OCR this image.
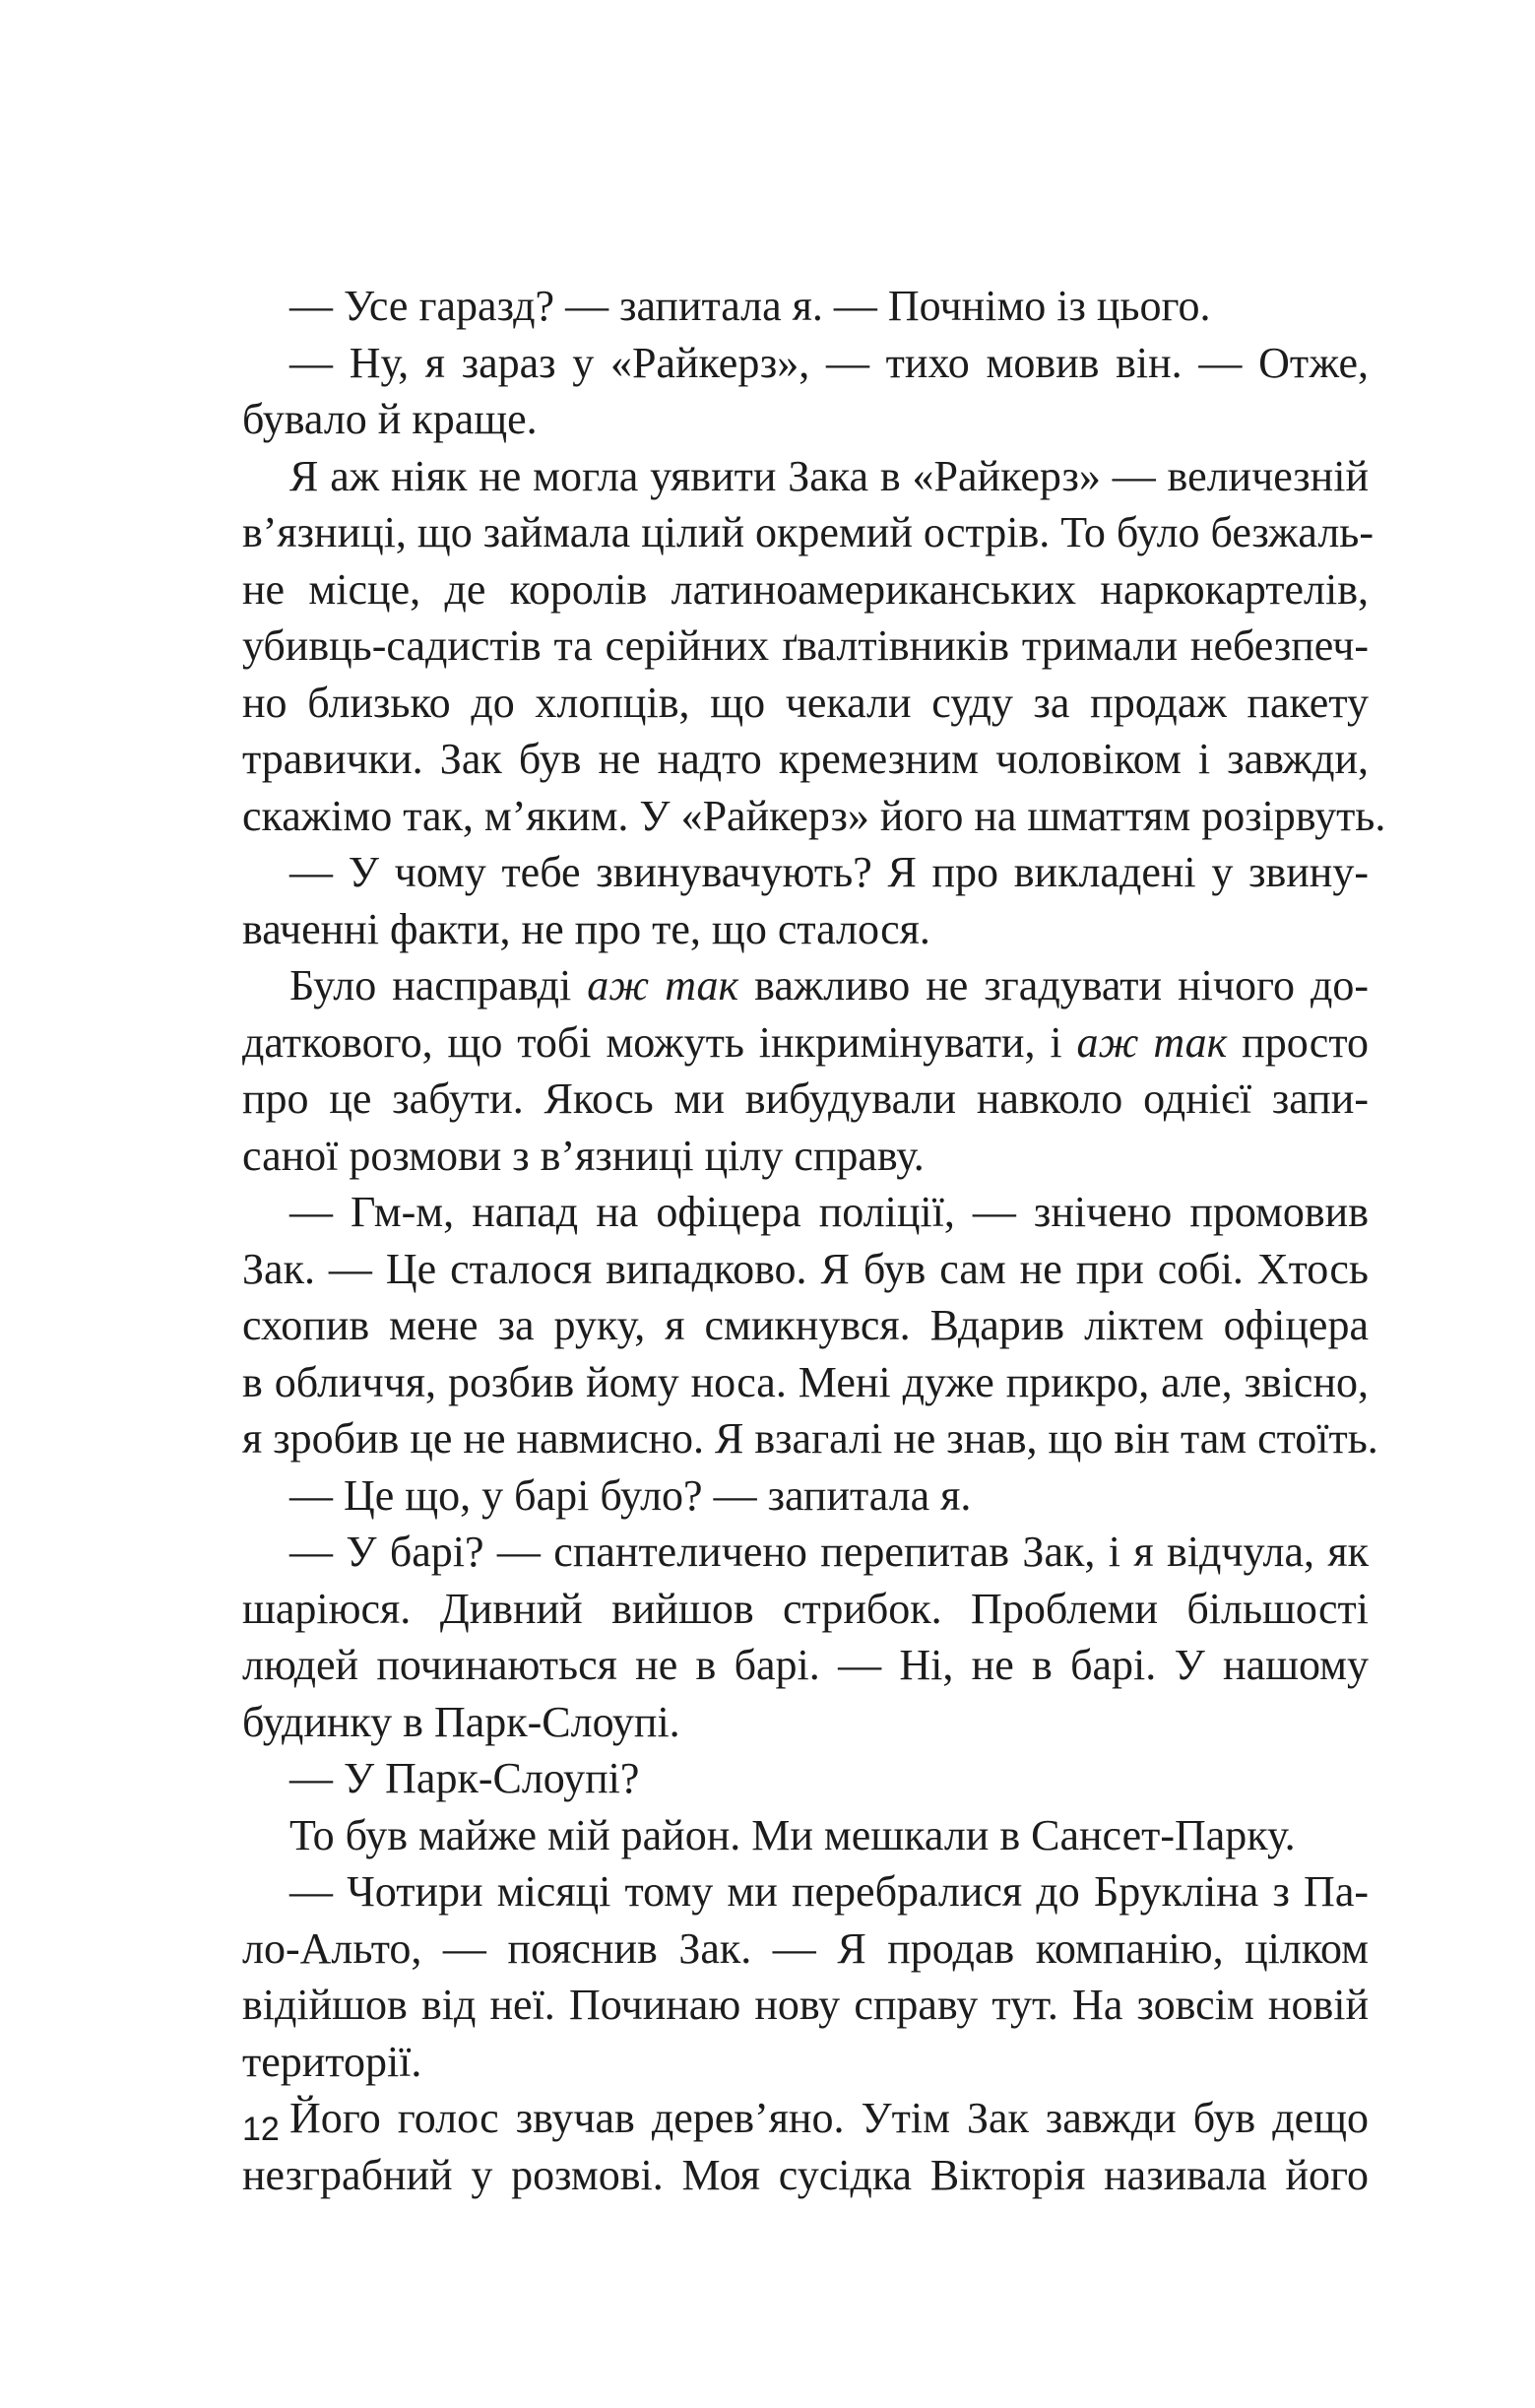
— Усе гаразд? — запитала я. — Почнімо із цього.
— Ну, я зараз у «Райкерз», — тихо мовив він. — Отже,
бувало й краще.
Я аж ніяк не могла уявити Зака в «Райкерз» — величезній
в’язниці, що займала цілий окремий острів. То було безжаль-
не місце, де королів латиноамериканських наркокартелів,
убивць-садистів та серійних ґвалтівників тримали небезпеч-
но близько до хлопців, що чекали суду за продаж пакету
травички. Зак був не надто кремезним чоловіком і завжди,
скажімо так, м’яким. У «Райкерз» його на шматтям розірвуть.
— У чому тебе звинувачують? Я про викладені у звину-
ваченні факти, не про те, що сталося.
Було насправді аж так важливо не згадувати нічого до-
даткового, що тобі можуть інкримінувати, і аж так просто
про це забути. Якось ми вибудували навколо однієї запи-
саної розмови з в’язниці цілу справу.
— Гм-м, напад на офіцера поліції, — знічено промовив
Зак. — Це сталося випадково. Я був сам не при собі. Хтось
схопив мене за руку, я смикнувся. Вдарив ліктем офіцера
в обличчя, розбив йому носа. Мені дуже прикро, але, звісно,
я зробив це не навмисно. Я взагалі не знав, що він там стоїть.
— Це що, у барі було? — запитала я.
— У барі? — спантеличено перепитав Зак, і я відчула, як
шаріюся. Дивний вийшов стрибок. Проблеми більшості
людей починаються не в барі. — Ні, не в барі. У нашому
будинку в Парк-Слоупі.
— У Парк-Слоупі?
То був майже мій район. Ми мешкали в Сансет-Парку.
— Чотири місяці тому ми перебралися до Брукліна з Па-
ло-Альто, — пояснив Зак. — Я продав компанію, цілком
відійшов від неї. Починаю нову справу тут. На зовсім новій
території.
Його голос звучав дерев’яно. Утім Зак завжди був дещо
незграбний у розмові. Моя сусідка Вікторія називала його
12
